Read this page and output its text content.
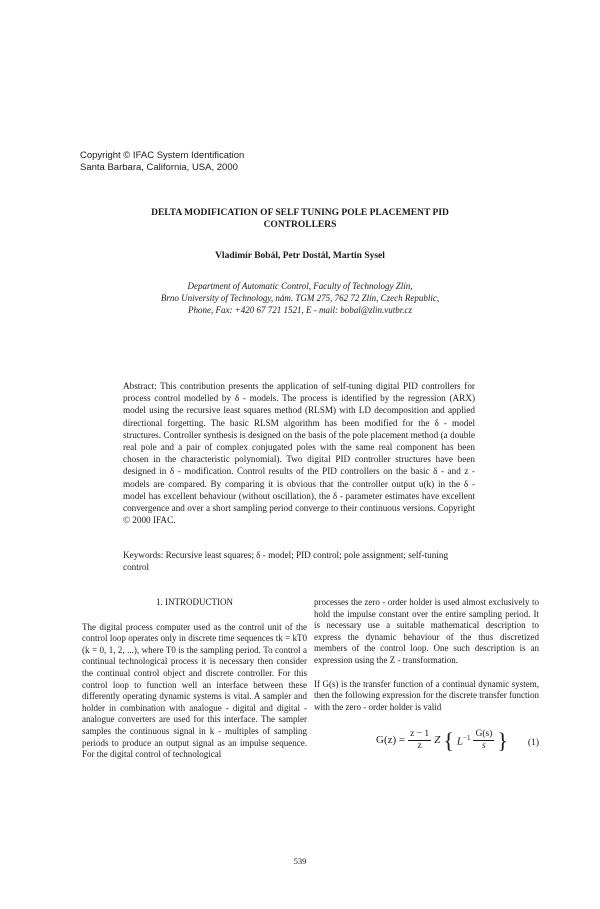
Copyright © IFAC System Identification
Santa Barbara, California, USA, 2000
DELTA MODIFICATION OF SELF TUNING POLE PLACEMENT PID CONTROLLERS
Vladimír Bobál, Petr Dostál, Martin Sysel
Department of Automatic Control, Faculty of Technology Zlín,
Brno University of Technology, nám. TGM 275, 762 72 Zlín, Czech Republic,
Phone, Fax: +420 67 721 1521, E - mail: bobal@zlin.vutbr.cz
Abstract: This contribution presents the application of self-tuning digital PID controllers for process control modelled by δ - models. The process is identified by the regression (ARX) model using the recursive least squares method (RLSM) with LD decomposition and applied directional forgetting. The basic RLSM algorithm has been modified for the δ - model structures. Controller synthesis is designed on the basis of the pole placement method (a double real pole and a pair of complex conjugated poles with the same real component has been chosen in the characteristic polynomial). Two digital PID controller structures have been designed in δ - modification. Control results of the PID controllers on the basic δ - and z - models are compared. By comparing it is obvious that the controller output u(k) in the δ - model has excellent behaviour (without oscillation), the δ - parameter estimates have excellent convergence and over a short sampling period converge to their continuous versions. Copyright © 2000 IFAC.
Keywords: Recursive least squares; δ - model; PID control; pole assignment; self-tuning control
1. INTRODUCTION
The digital process computer used as the control unit of the control loop operates only in discrete time sequences tk = kT0 (k = 0, 1, 2, ...), where T0 is the sampling period. To control a continual technological process it is necessary then consider the continual control object and discrete controller. For this control loop to function well an interface between these differently operating dynamic systems is vital. A sampler and holder in combination with analogue - digital and digital - analogue converters are used for this interface. The sampler samples the continuous signal in k - multiples of sampling periods to produce an output signal as an impulse sequence. For the digital control of technological
processes the zero - order holder is used almost exclusively to hold the impulse constant over the entire sampling period. It is necessary use a suitable mathematical description to express the dynamic behaviour of the thus discretized members of the control loop. One such description is an expression using the Z - transformation.
If G(s) is the transfer function of a continual dynamic system, then the following expression for the discrete transfer function with the zero - order holder is valid
$G(z) = \frac{z - 1}{z}$ Z { $L^{-1} \frac{G(s)}{s}$ } (1)
539
